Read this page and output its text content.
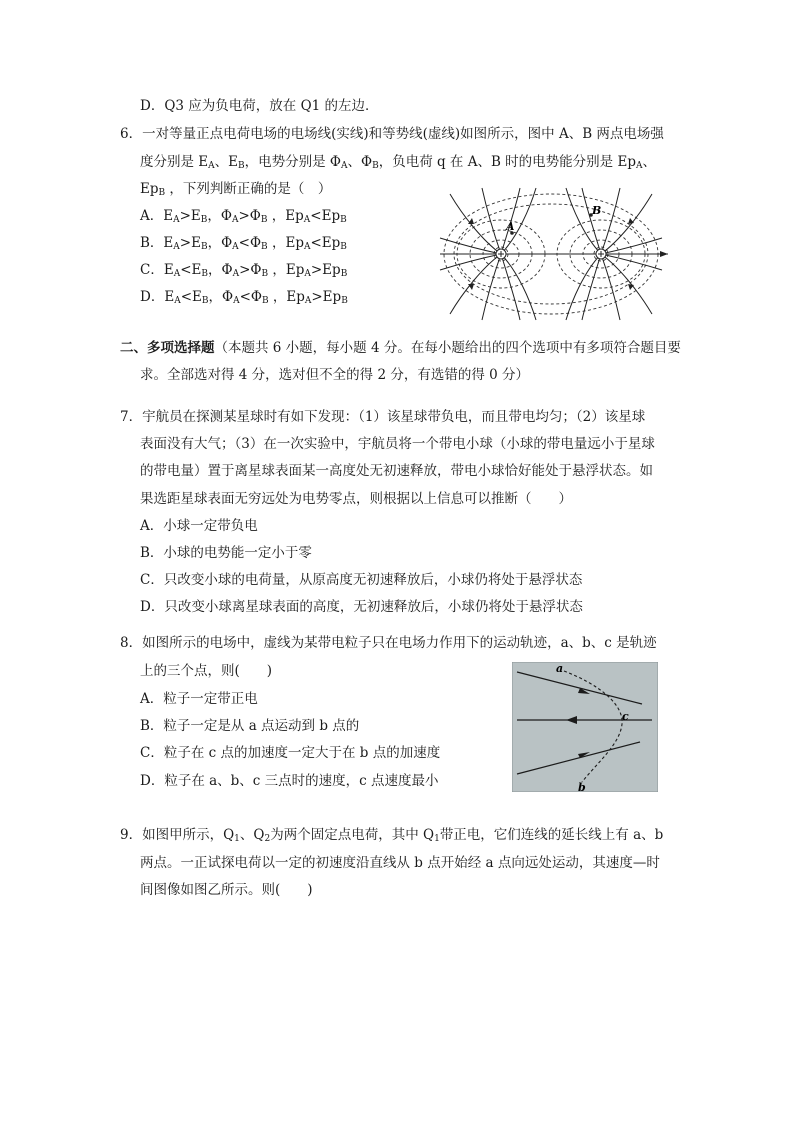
D．Q3 应为负电荷，放在 Q1 的左边．
6．一对等量正点电荷电场的电场线(实线)和等势线(虚线)如图所示，图中 A、B 两点电场强
度分别是 $E_A$、$E_B$，电势分别是 $\Phi_A$、$\Phi_B$，负电荷 q 在 A、B 时的电势能分别是 $Ep_A$、
$Ep_B$ ，下列判断正确的是（　）
A．$E_A>E_B$，$\Phi_A>\Phi_B$ ，$Ep_A<Ep_B$
B．$E_A>E_B$，$\Phi_A<\Phi_B$ ，$Ep_A<Ep_B$
C．$E_A<E_B$，$\Phi_A>\Phi_B$ ，$Ep_A>Ep_B$
D．$E_A<E_B$，$\Phi_A<\Phi_B$ ，$Ep_A>Ep_B$
A
B
二、多项选择题（本题共 6 小题，每小题 4 分。在每小题给出的四个选项中有多项符合题目要
求。全部选对得 4 分，选对但不全的得 2 分，有选错的得 0 分）
7．宇航员在探测某星球时有如下发现：（1）该星球带负电，而且带电均匀；（2）该星球
表面没有大气；（3）在一次实验中，宇航员将一个带电小球（小球的带电量远小于星球
的带电量）置于离星球表面某一高度处无初速释放，带电小球恰好能处于悬浮状态。如
果选距星球表面无穷远处为电势零点，则根据以上信息可以推断（　　）
A．小球一定带负电
B．小球的电势能一定小于零
C．只改变小球的电荷量，从原高度无初速释放后，小球仍将处于悬浮状态
D．只改变小球离星球表面的高度，无初速释放后，小球仍将处于悬浮状态
8．如图所示的电场中，虚线为某带电粒子只在电场力作用下的运动轨迹，a、b、c 是轨迹
上的三个点，则(　　)
A．粒子一定带正电
B．粒子一定是从 a 点运动到 b 点的
C．粒子在 c 点的加速度一定大于在 b 点的加速度
D．粒子在 a、b、c 三点时的速度，c 点速度最小
a
c
b
9．如图甲所示，$Q_1$、$Q_2$为两个固定点电荷，其中 $Q_1$带正电，它们连线的延长线上有 a、b
两点。一正试探电荷以一定的初速度沿直线从 b 点开始经 a 点向远处运动，其速度—时
间图像如图乙所示。则(　　)
